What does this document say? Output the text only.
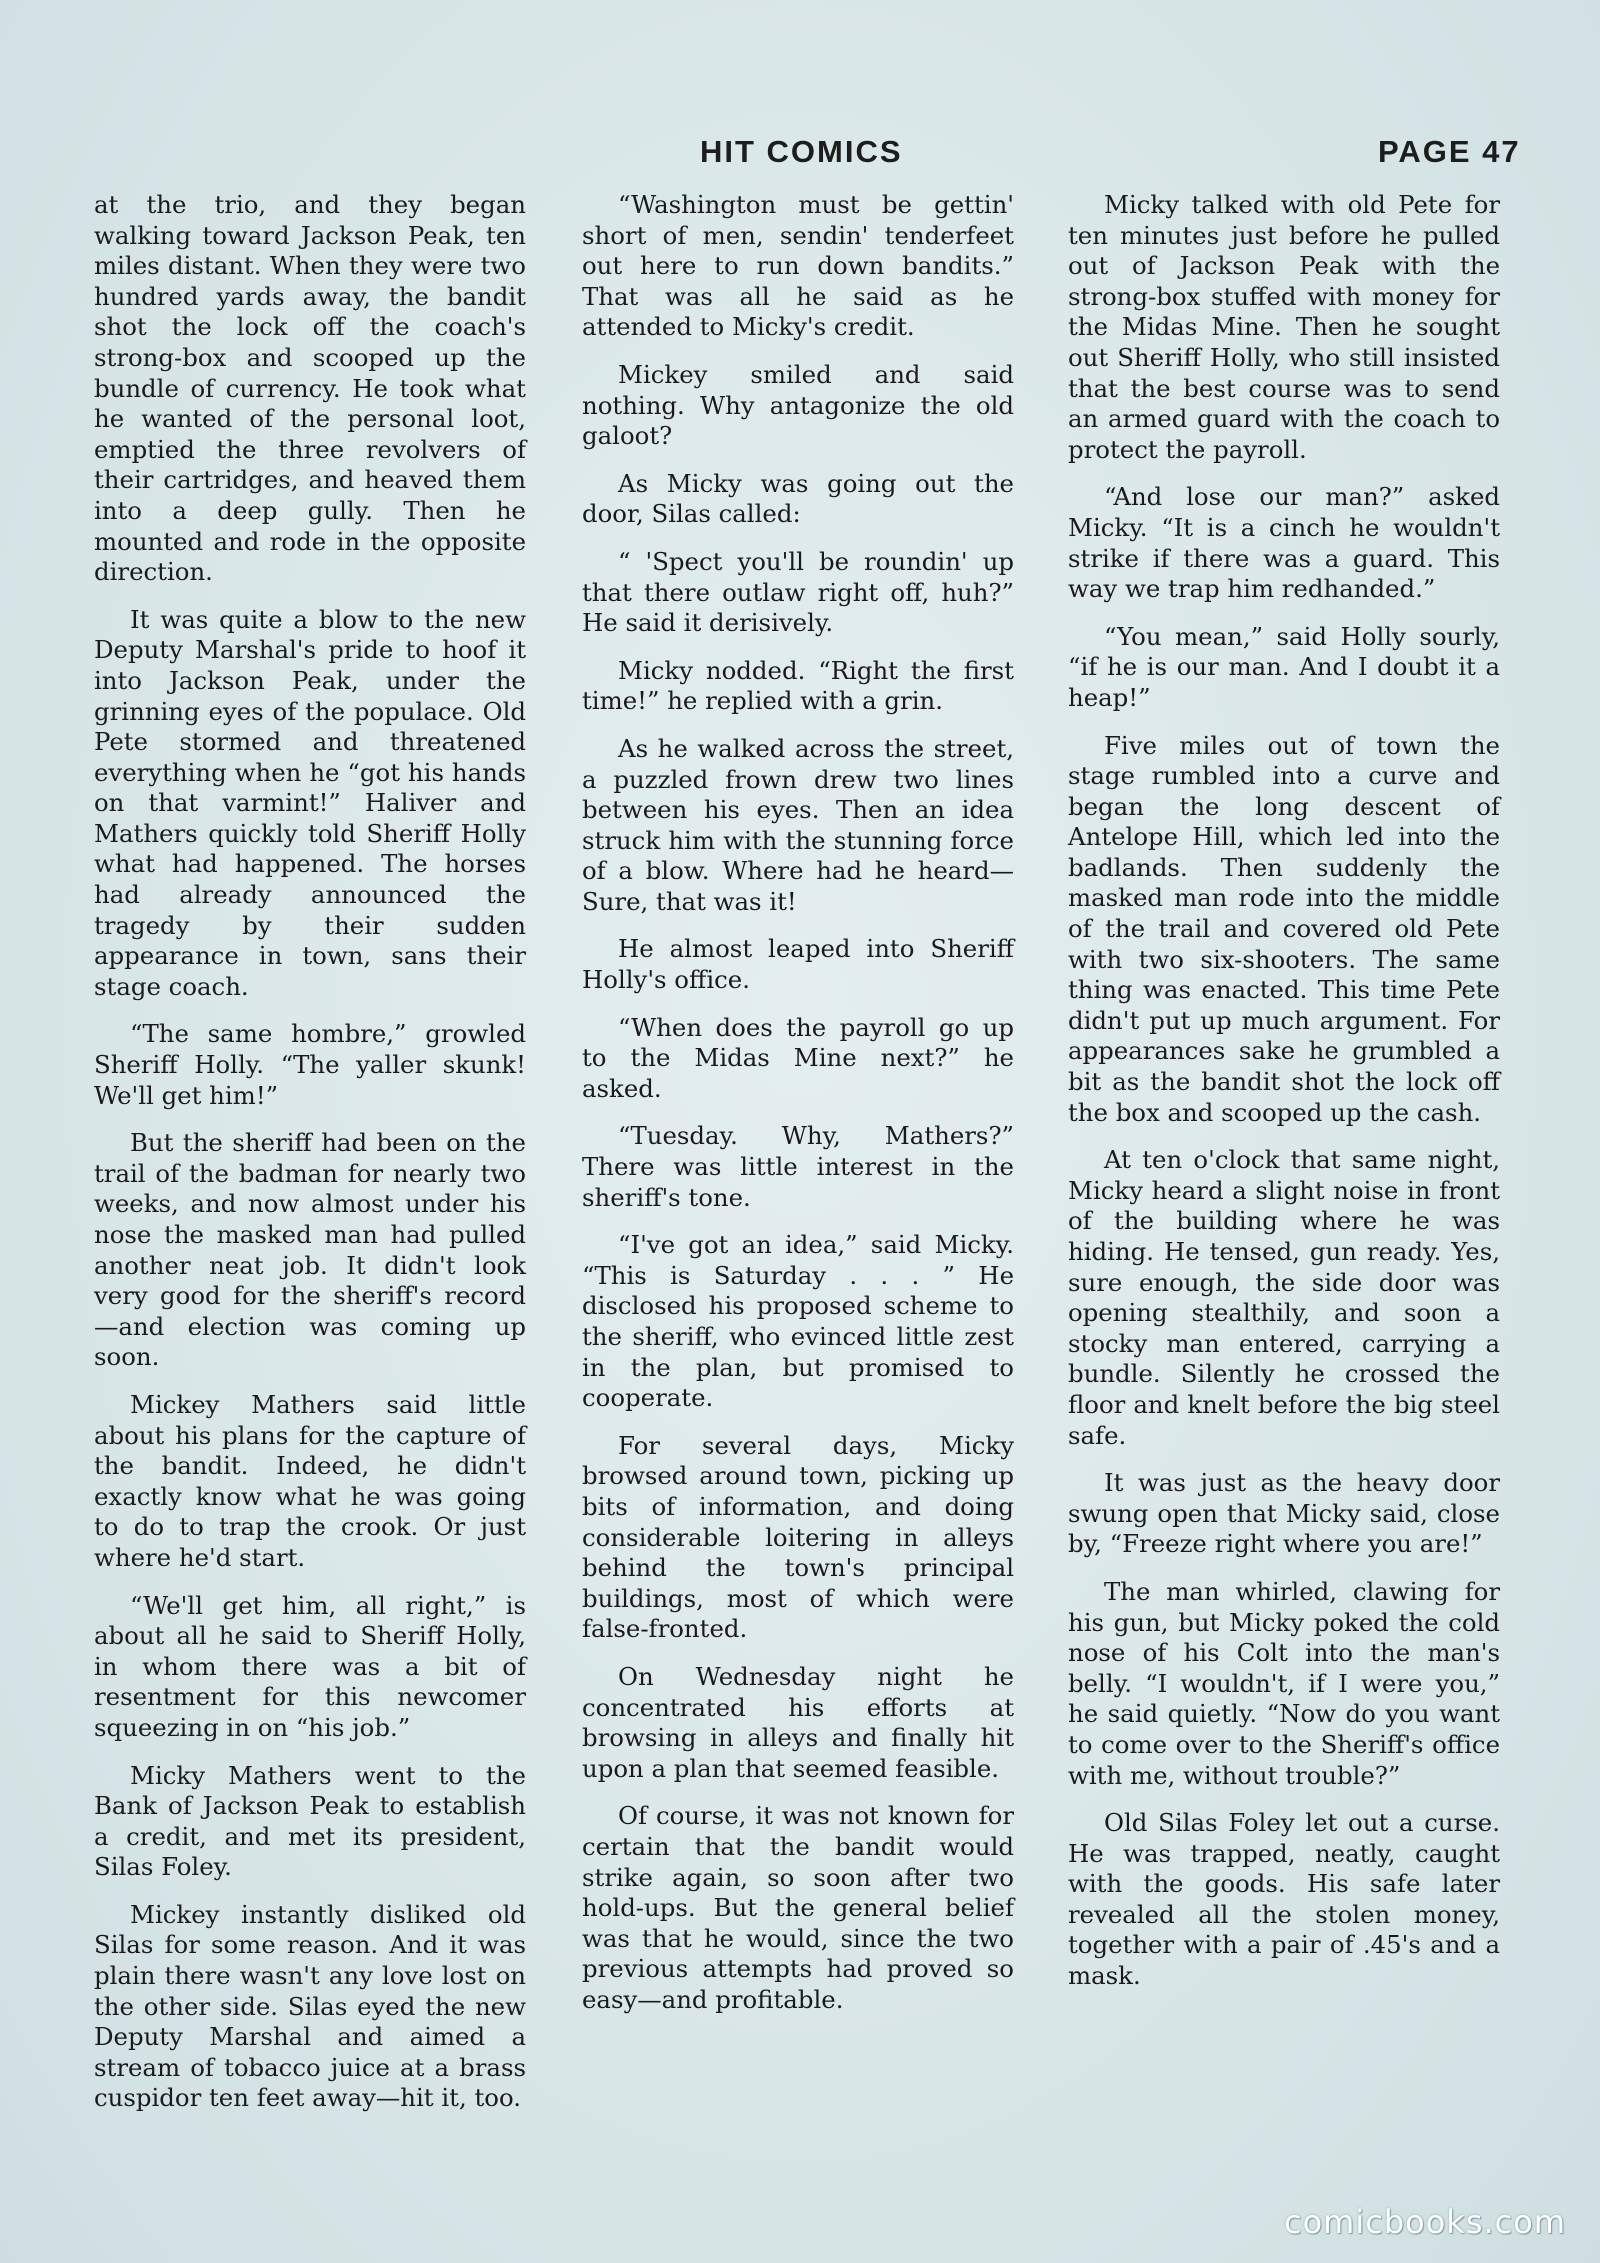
HIT COMICS	PAGE 47

at the trio, and they began walking toward Jackson Peak, ten miles distant. When they were two hundred yards away, the bandit shot the lock off the coach's strong-box and scooped up the bundle of currency. He took what he wanted of the personal loot, emptied the three revolvers of their cartridges, and heaved them into a deep gully. Then he mounted and rode in the opposite direction.

It was quite a blow to the new Deputy Marshal's pride to hoof it into Jackson Peak, under the grinning eyes of the populace. Old Pete stormed and threatened everything when he “got his hands on that varmint!” Haliver and Mathers quickly told Sheriff Holly what had happened. The horses had already announced the tragedy by their sudden appearance in town, sans their stage coach.

“The same hombre,” growled Sheriff Holly. “The yaller skunk! We'll get him!”

But the sheriff had been on the trail of the badman for nearly two weeks, and now almost under his nose the masked man had pulled another neat job. It didn't look very good for the sheriff's record—and election was coming up soon.

Mickey Mathers said little about his plans for the capture of the bandit. Indeed, he didn't exactly know what he was going to do to trap the crook. Or just where he'd start.

“We'll get him, all right,” is about all he said to Sheriff Holly, in whom there was a bit of resentment for this newcomer squeezing in on “his job.”

Micky Mathers went to the Bank of Jackson Peak to establish a credit, and met its president, Silas Foley.

Mickey instantly disliked old Silas for some reason. And it was plain there wasn't any love lost on the other side. Silas eyed the new Deputy Marshal and aimed a stream of tobacco juice at a brass cuspidor ten feet away—hit it, too.

“Washington must be gettin' short of men, sendin' tenderfeet out here to run down bandits.” That was all he said as he attended to Micky's credit.

Mickey smiled and said nothing. Why antagonize the old galoot?

As Micky was going out the door, Silas called:

“ 'Spect you'll be roundin' up that there outlaw right off, huh?” He said it derisively.

Micky nodded. “Right the first time!” he replied with a grin.

As he walked across the street, a puzzled frown drew two lines between his eyes. Then an idea struck him with the stunning force of a blow. Where had he heard—Sure, that was it!

He almost leaped into Sheriff Holly's office.

“When does the payroll go up to the Midas Mine next?” he asked.

“Tuesday. Why, Mathers?” There was little interest in the sheriff's tone.

“I've got an idea,” said Micky. “This is Saturday . . . ” He disclosed his proposed scheme to the sheriff, who evinced little zest in the plan, but promised to cooperate.

For several days, Micky browsed around town, picking up bits of information, and doing considerable loitering in alleys behind the town's principal buildings, most of which were false-fronted.

On Wednesday night he concentrated his efforts at browsing in alleys and finally hit upon a plan that seemed feasible.

Of course, it was not known for certain that the bandit would strike again, so soon after two hold-ups. But the general belief was that he would, since the two previous attempts had proved so easy—and profitable.

Micky talked with old Pete for ten minutes just before he pulled out of Jackson Peak with the strong-box stuffed with money for the Midas Mine. Then he sought out Sheriff Holly, who still insisted that the best course was to send an armed guard with the coach to protect the payroll.

“And lose our man?” asked Micky. “It is a cinch he wouldn't strike if there was a guard. This way we trap him redhanded.”

“You mean,” said Holly sourly, “if he is our man. And I doubt it a heap!”

Five miles out of town the stage rumbled into a curve and began the long descent of Antelope Hill, which led into the badlands. Then suddenly the masked man rode into the middle of the trail and covered old Pete with two six-shooters. The same thing was enacted. This time Pete didn't put up much argument. For appearances sake he grumbled a bit as the bandit shot the lock off the box and scooped up the cash.

At ten o'clock that same night, Micky heard a slight noise in front of the building where he was hiding. He tensed, gun ready. Yes, sure enough, the side door was opening stealthily, and soon a stocky man entered, carrying a bundle. Silently he crossed the floor and knelt before the big steel safe.

It was just as the heavy door swung open that Micky said, close by, “Freeze right where you are!”

The man whirled, clawing for his gun, but Micky poked the cold nose of his Colt into the man's belly. “I wouldn't, if I were you,” he said quietly. “Now do you want to come over to the Sheriff's office with me, without trouble?”

Old Silas Foley let out a curse. He was trapped, neatly, caught with the goods. His safe later revealed all the stolen money, together with a pair of .45's and a mask.

comicbooks.com
